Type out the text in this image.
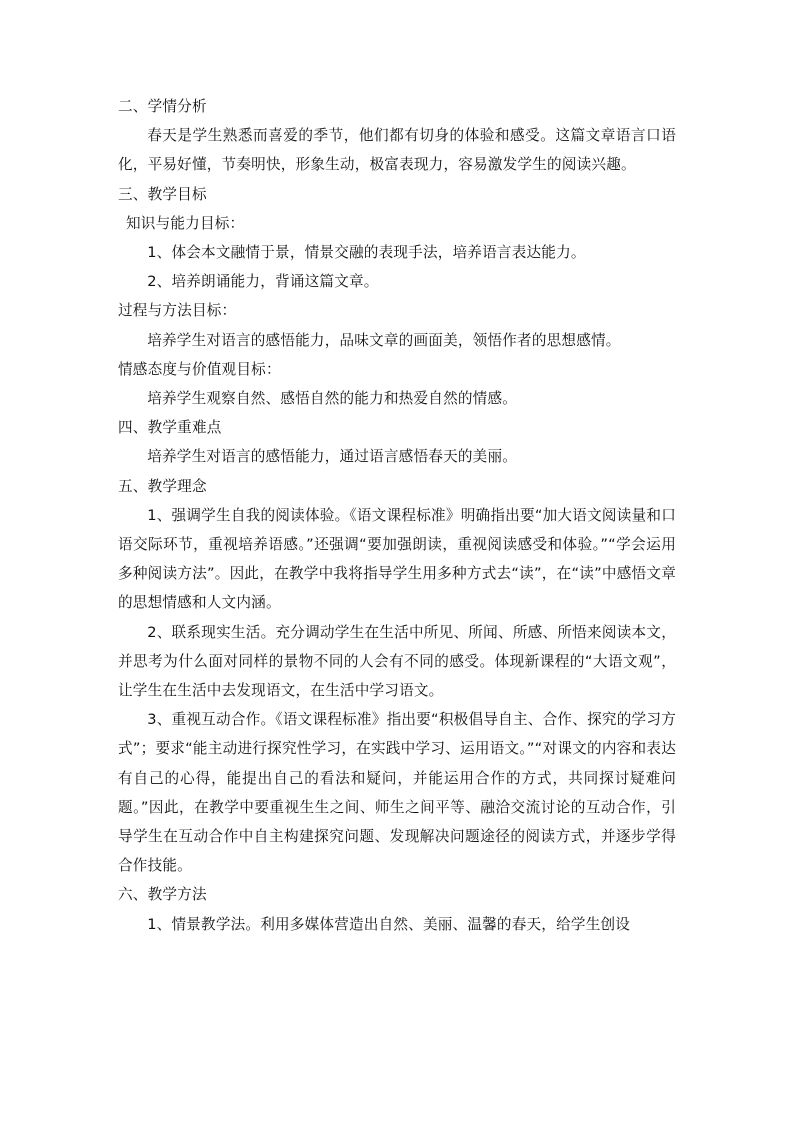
二、学情分析

春天是学生熟悉而喜爱的季节，他们都有切身的体验和感受。这篇文章语言口语化，平易好懂，节奏明快，形象生动，极富表现力，容易激发学生的阅读兴趣。

三、教学目标

知识与能力目标：

1、体会本文融情于景，情景交融的表现手法，培养语言表达能力。

2、培养朗诵能力，背诵这篇文章。

过程与方法目标：

培养学生对语言的感悟能力，品味文章的画面美，领悟作者的思想感情。

情感态度与价值观目标：

培养学生观察自然、感悟自然的能力和热爱自然的情感。

四、教学重难点

培养学生对语言的感悟能力，通过语言感悟春天的美丽。

五、教学理念

1、强调学生自我的阅读体验。《语文课程标准》明确指出要“加大语文阅读量和口语交际环节，重视培养语感。”还强调“要加强朗读，重视阅读感受和体验。”“学会运用多种阅读方法”。因此，在教学中我将指导学生用多种方式去“读”，在“读”中感悟文章的思想情感和人文内涵。

2、联系现实生活。充分调动学生在生活中所见、所闻、所感、所悟来阅读本文，并思考为什么面对同样的景物不同的人会有不同的感受。体现新课程的“大语文观”，让学生在生活中去发现语文，在生活中学习语文。

3、重视互动合作。《语文课程标准》指出要“积极倡导自主、合作、探究的学习方式”；要求“能主动进行探究性学习，在实践中学习、运用语文。”“对课文的内容和表达有自己的心得，能提出自己的看法和疑问，并能运用合作的方式，共同探讨疑难问题。”因此，在教学中要重视生生之间、师生之间平等、融洽交流讨论的互动合作，引导学生在互动合作中自主构建探究问题、发现解决问题途径的阅读方式，并逐步学得合作技能。

六、教学方法

1、情景教学法。利用多媒体营造出自然、美丽、温馨的春天，给学生创设
